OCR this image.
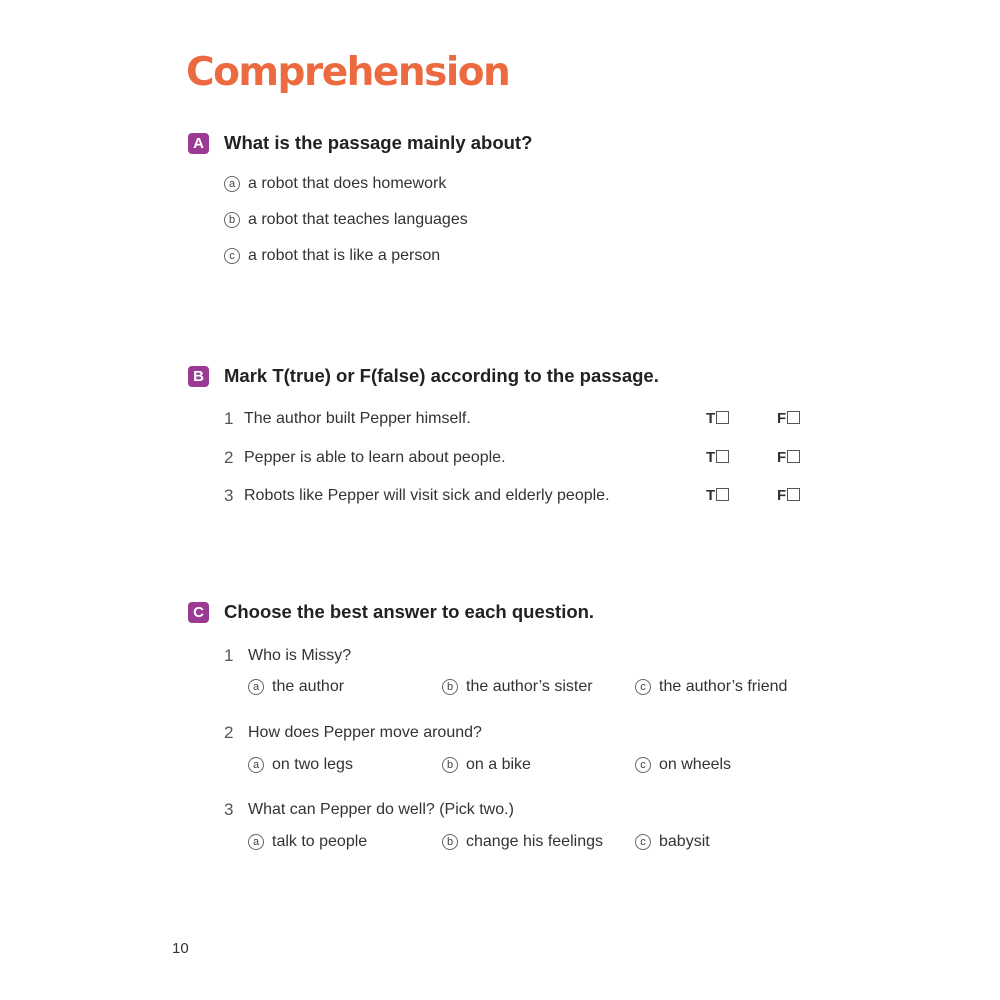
Comprehension
A What is the passage mainly about?
a a robot that does homework
b a robot that teaches languages
c a robot that is like a person
B Mark T(true) or F(false) according to the passage.
1 The author built Pepper himself.	T	F
2 Pepper is able to learn about people.	T	F
3 Robots like Pepper will visit sick and elderly people.	T	F
C Choose the best answer to each question.
1 Who is Missy?
a the author	b the author’s sister	c the author’s friend
2 How does Pepper move around?
a on two legs	b on a bike	c on wheels
3 What can Pepper do well? (Pick two.)
a talk to people	b change his feelings	c babysit
10
